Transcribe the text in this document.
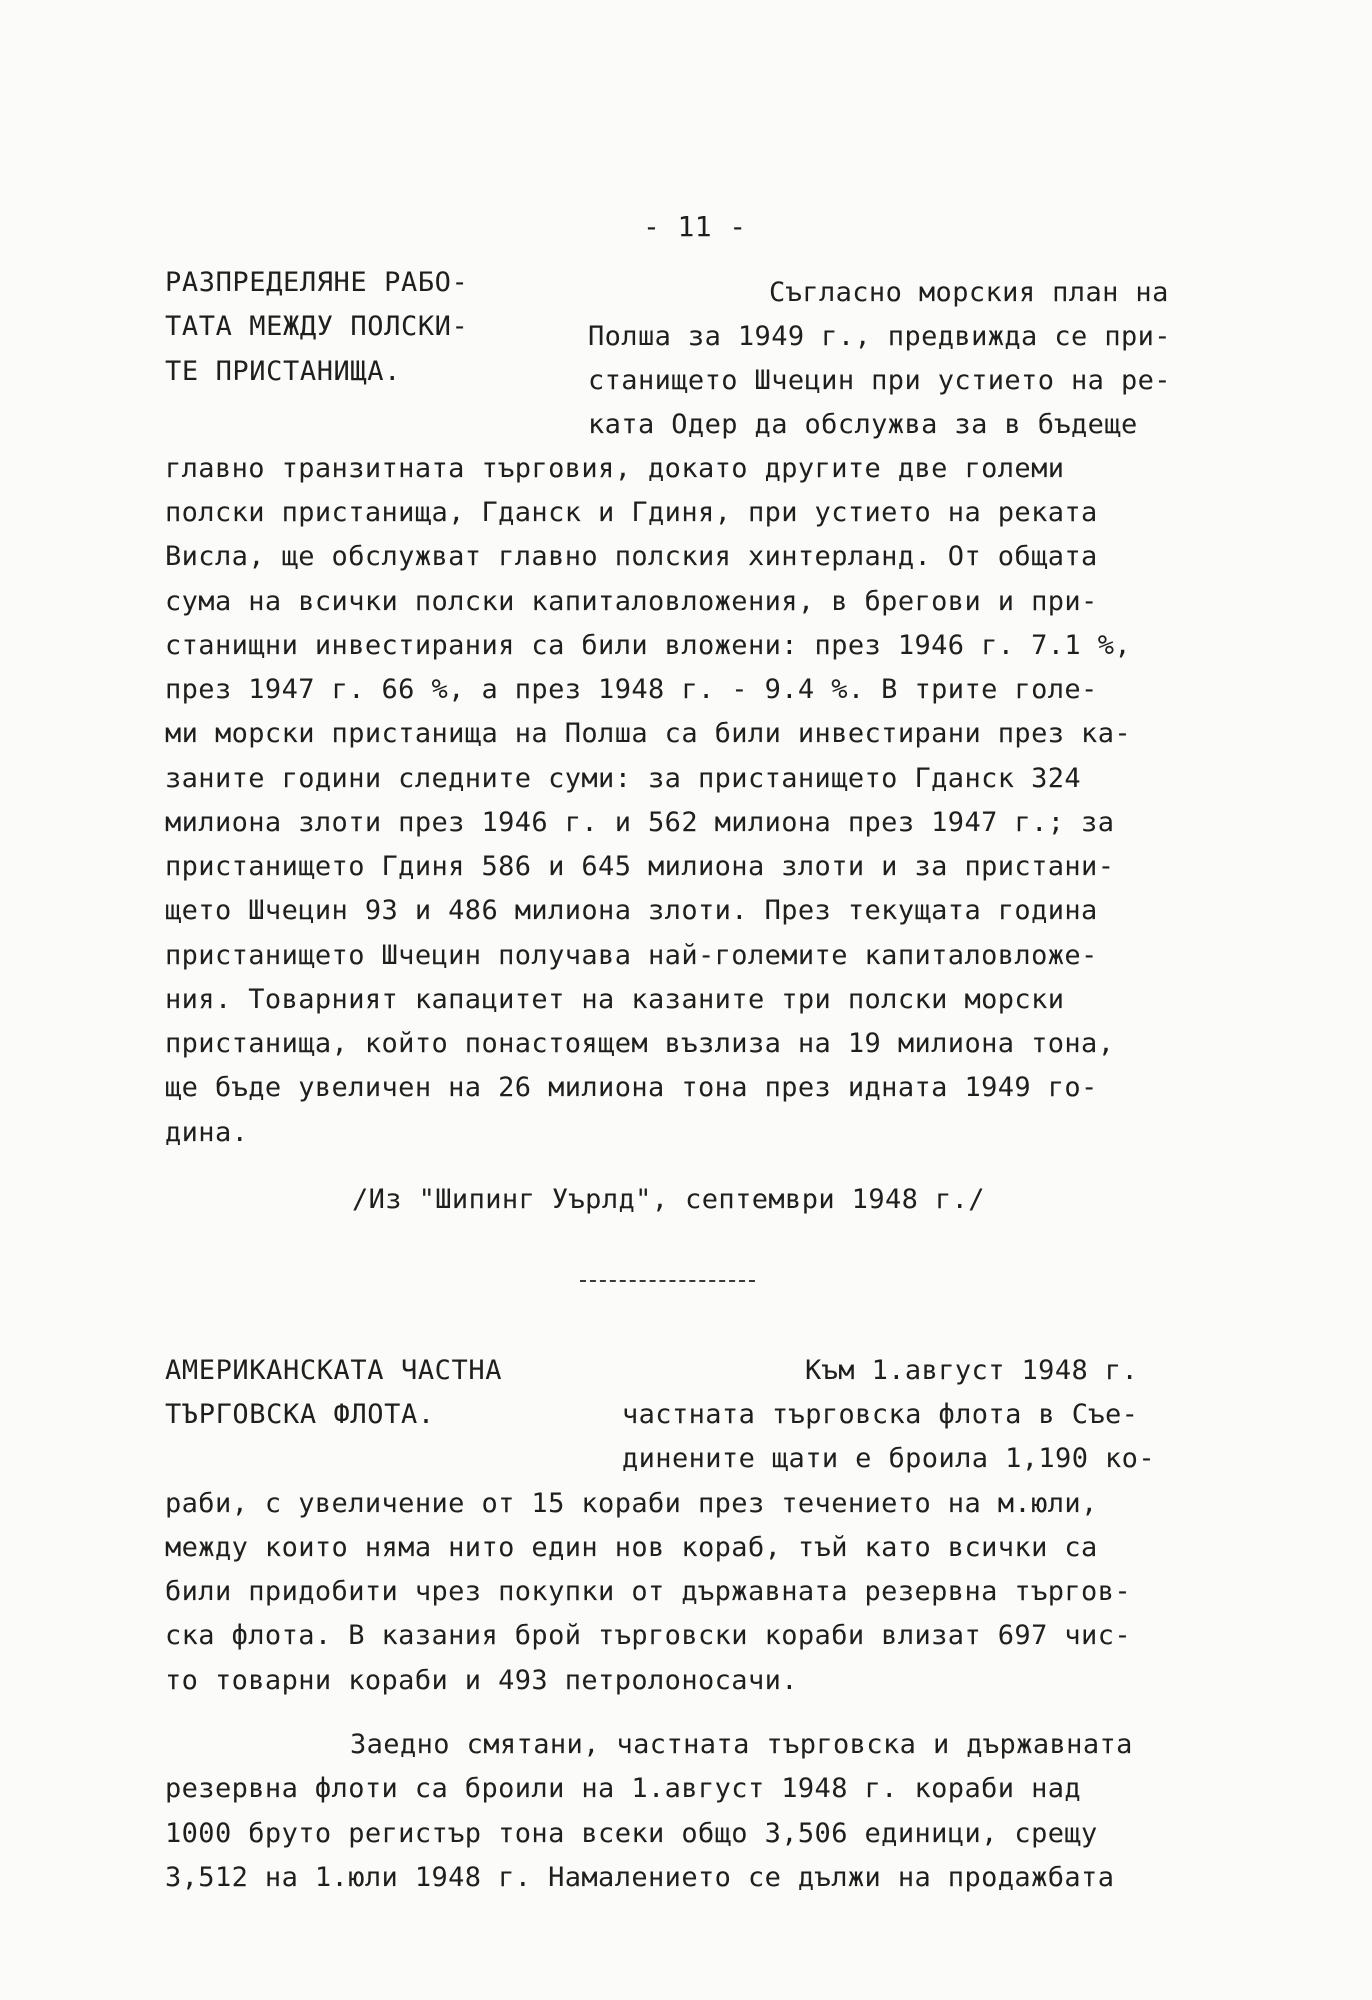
- 11 -
РАЗПРЕДЕЛЯНЕ РАБО-
ТАТА МЕЖДУ ПОЛСКИ-
ТЕ ПРИСТАНИЩА.
Съгласно морския план на
Полша за 1949 г., предвижда се при-
станището Шчецин при устието на ре-
ката Одер да обслужва за в бъдеще
главно транзитната търговия, докато другите две големи
полски пристанища, Гданск и Гдиня, при устието на реката
Висла, ще обслужват главно полския хинтерланд. От общата
сума на всички полски капиталовложения, в брегови и при-
станищни инвестирания са били вложени: през 1946 г. 7.1 %,
през 1947 г. 66 %, а през 1948 г. - 9.4 %. В трите голе-
ми морски пристанища на Полша са били инвестирани през ка-
заните години следните суми: за пристанището Гданск 324
милиона злоти през 1946 г. и 562 милиона през 1947 г.; за
пристанището Гдиня 586 и 645 милиона злоти и за пристани-
щето Шчецин 93 и 486 милиона злоти. През текущата година
пристанището Шчецин получава най-големите капиталовложе-
ния. Товарният капацитет на казаните три полски морски
пристанища, който понастоящем възлиза на 19 милиона тона,
ще бъде увеличен на 26 милиона тона през идната 1949 го-
дина.
/Из "Шипинг Уърлд", септември 1948 г./
АМЕРИКАНСКАТА ЧАСТНА
ТЪРГОВСКА ФЛОТА.
Към 1.август 1948 г.
частната търговска флота в Съе-
динените щати е броила 1,190 ко-
раби, с увеличение от 15 кораби през течението на м.юли,
между които няма нито един нов кораб, тъй като всички са
били придобити чрез покупки от държавната резервна търгов-
ска флота. В казания брой търговски кораби влизат 697 чис-
то товарни кораби и 493 петролоносачи.
Заедно смятани, частната търговска и държавната
резервна флоти са броили на 1.август 1948 г. кораби над
1000 бруто регистър тона всеки общо 3,506 единици, срещу
3,512 на 1.юли 1948 г. Намалението се дължи на продажбата
